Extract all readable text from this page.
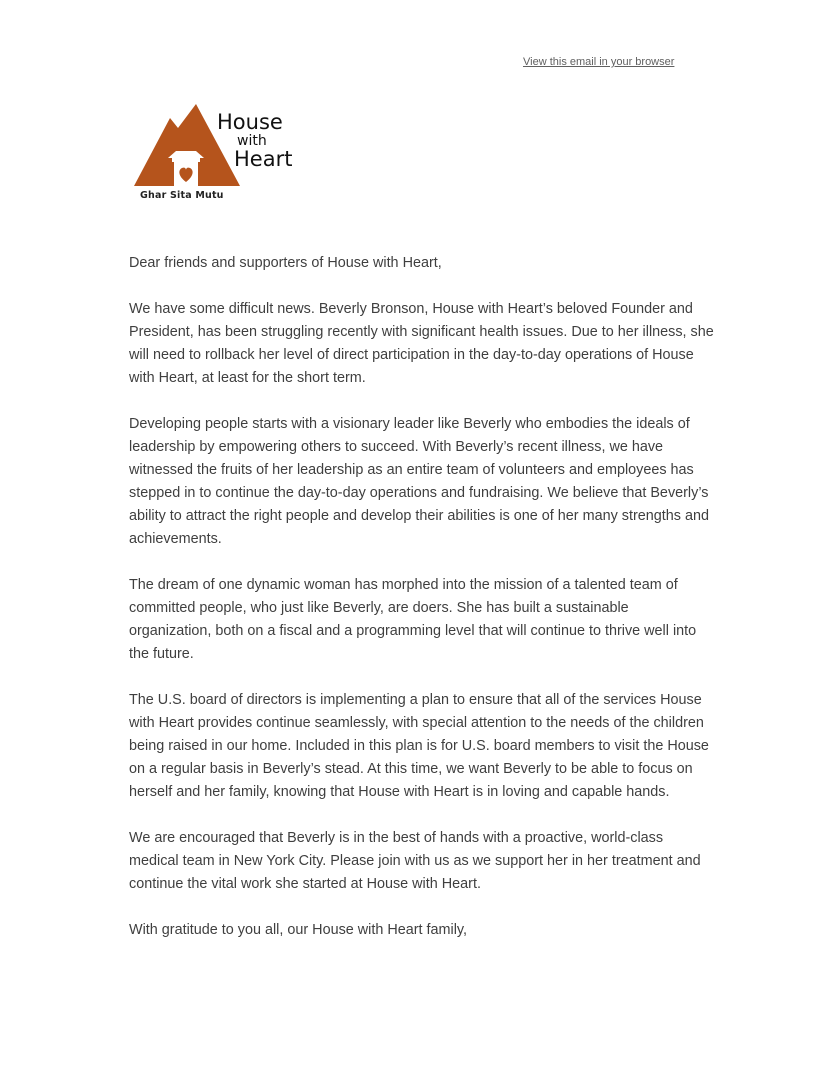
View this email in your browser
House
with
Heart
Ghar Sita Mutu

Dear friends and supporters of House with Heart,

We have some difficult news. Beverly Bronson, House with Heart’s beloved Founder and President, has been struggling recently with significant health issues. Due to her illness, she will need to rollback her level of direct participation in the day-to-day operations of House with Heart, at least for the short term.

Developing people starts with a visionary leader like Beverly who embodies the ideals of leadership by empowering others to succeed. With Beverly’s recent illness, we have witnessed the fruits of her leadership as an entire team of volunteers and employees has stepped in to continue the day-to-day operations and fundraising. We believe that Beverly’s ability to attract the right people and develop their abilities is one of her many strengths and achievements.

The dream of one dynamic woman has morphed into the mission of a talented team of committed people, who just like Beverly, are doers. She has built a sustainable organization, both on a fiscal and a programming level that will continue to thrive well into the future.

The U.S. board of directors is implementing a plan to ensure that all of the services House with Heart provides continue seamlessly, with special attention to the needs of the children being raised in our home. Included in this plan is for U.S. board members to visit the House on a regular basis in Beverly’s stead. At this time, we want Beverly to be able to focus on herself and her family, knowing that House with Heart is in loving and capable hands.

We are encouraged that Beverly is in the best of hands with a proactive, world-class medical team in New York City. Please join with us as we support her in her treatment and continue the vital work she started at House with Heart.

With gratitude to you all, our House with Heart family,
